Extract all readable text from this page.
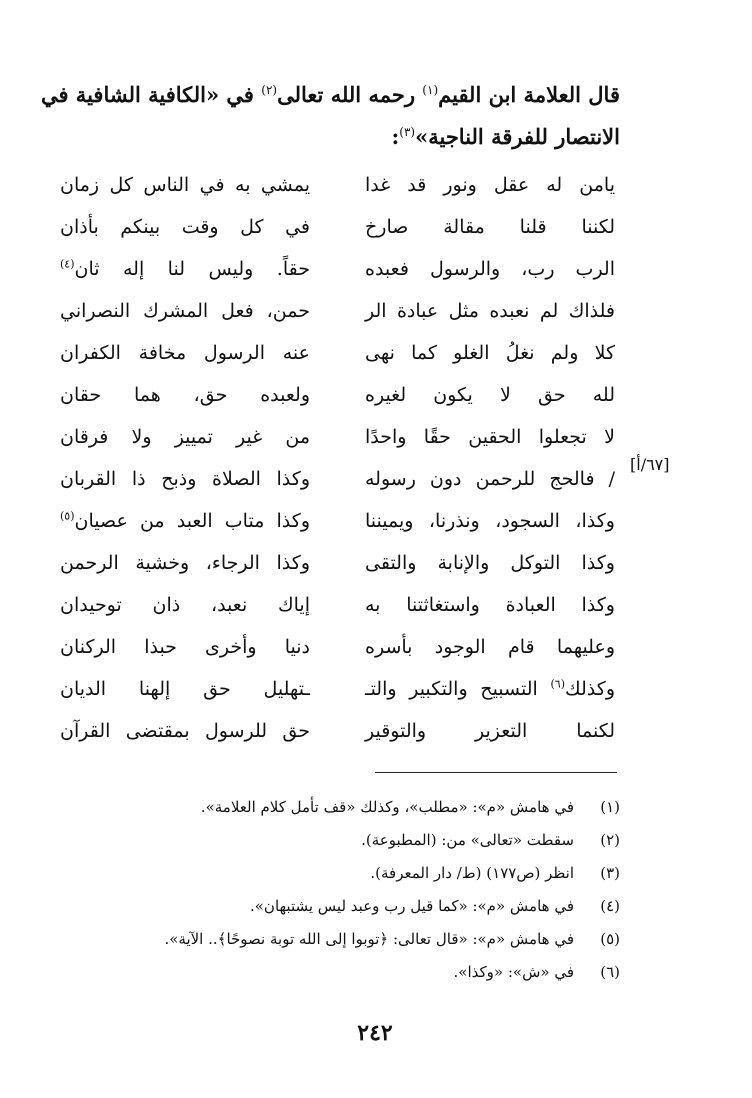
قال العلامة ابن القيم$^{(١)}$ رحمه الله تعالى$^{(٢)}$ في «الكافية الشافية في الانتصار للفرقة الناجية»$^{(٣)}$:
يامن له عقل ونور قد غدا
يمشي به في الناس كل زمان
لكننا قلنا مقالة صارخ
في كل وقت بينكم بأذان
الرب رب، والرسول فعبده
حقاً. وليس لنا إله ثان$^{(٤)}$
فلذاك لم نعبده مثل عبادة الر
حمن، فعل المشرك النصراني
كلا ولم نغلُ الغلو كما نهى
عنه الرسول مخافة الكفران
لله حق لا يكون لغيره
ولعبده حق، هما حقان
لا تجعلوا الحقين حقًا واحدًا
من غير تمييز ولا فرقان
/ فالحج للرحمن دون رسوله
وكذا الصلاة وذبح ذا القربان
وكذا، السجود، ونذرنا، ويميننا
وكذا متاب العبد من عصيان$^{(٥)}$
وكذا التوكل والإنابة والتقى
وكذا الرجاء، وخشية الرحمن
وكذا العبادة واستغاثتنا به
إياك نعبد، ذان توحيدان
وعليهما قام الوجود بأسره
دنيا وأخرى حبذا الركنان
وكذلك$^{(٦)}$ التسبيح والتكبير والتـ
ـتهليل حق إلهنا الديان
لكنما التعزير والتوقير
حق للرسول بمقتضى القرآن
[٦٧/أ]
(١)
في هامش «م»: «مطلب»، وكذلك «قف تأمل كلام العلامة».
(٢)
سقطت «تعالى» من: (المطبوعة).
(٣)
انظر (ص١٧٧) (ط/ دار المعرفة).
(٤)
في هامش «م»: «كما قيل رب وعبد ليس يشتبهان».
(٥)
في هامش «م»: «قال تعالى: ﴿توبوا إلى الله توبة نصوحًا﴾.. الآية».
(٦)
في «ش»: «وكذا».
٢٤٢
